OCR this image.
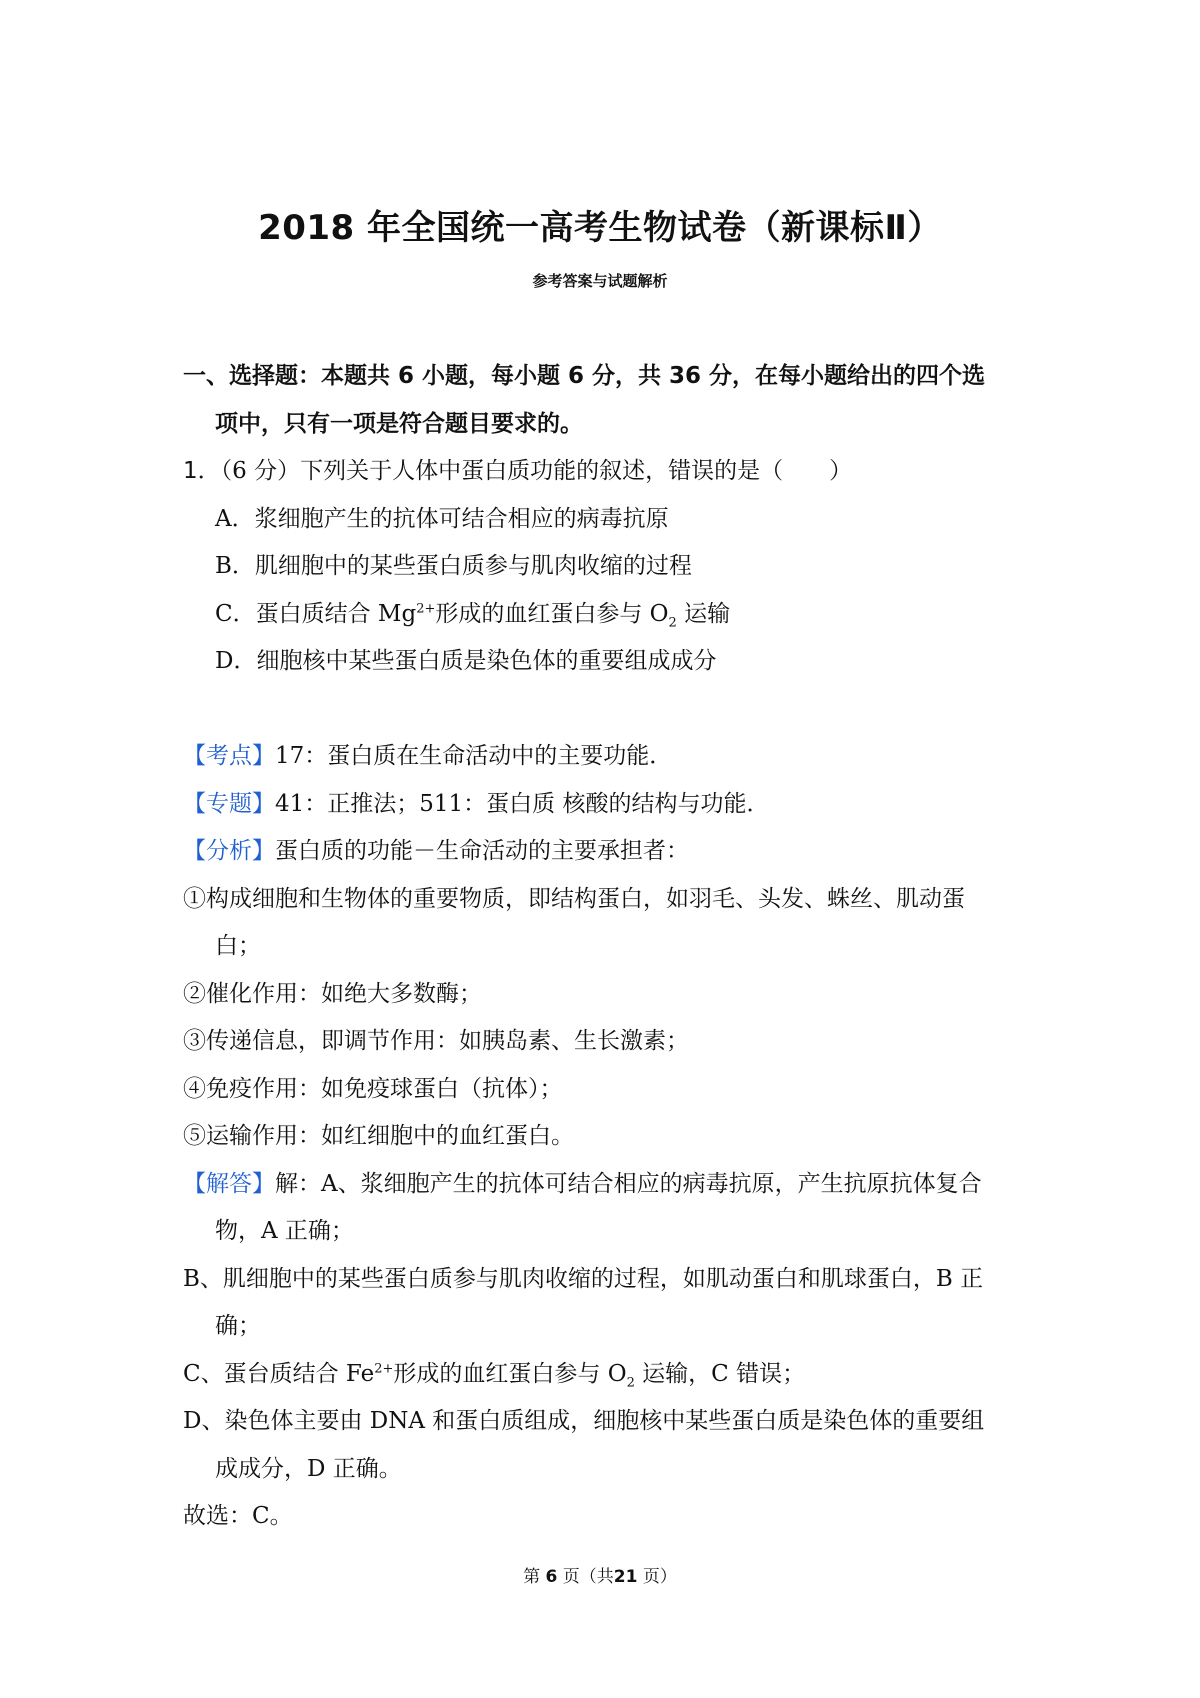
2018 年全国统一高考生物试卷（新课标Ⅱ）
参考答案与试题解析
一、选择题：本题共 6 小题，每小题 6 分，共 36 分，在每小题给出的四个选
项中，只有一项是符合题目要求的。
1．（6 分）下列关于人体中蛋白质功能的叙述，错误的是（　　）
A．浆细胞产生的抗体可结合相应的病毒抗原
B．肌细胞中的某些蛋白质参与肌肉收缩的过程
C．蛋白质结合 $Mg^{2+}$形成的血红蛋白参与 $O_2$ 运输
D．细胞核中某些蛋白质是染色体的重要组成成分
【考点】17：蛋白质在生命活动中的主要功能．
【专题】41：正推法；511：蛋白质 核酸的结构与功能．
【分析】蛋白质的功能－生命活动的主要承担者：
①构成细胞和生物体的重要物质，即结构蛋白，如羽毛、头发、蛛丝、肌动蛋
白；
②催化作用：如绝大多数酶；
③传递信息，即调节作用：如胰岛素、生长激素；
④免疫作用：如免疫球蛋白（抗体）；
⑤运输作用：如红细胞中的血红蛋白。
【解答】解：A、浆细胞产生的抗体可结合相应的病毒抗原，产生抗原抗体复合
物，A 正确；
B、肌细胞中的某些蛋白质参与肌肉收缩的过程，如肌动蛋白和肌球蛋白，B 正
确；
C、蛋台质结合 $Fe^{2+}$形成的血红蛋白参与 $O_2$ 运输，C 错误；
D、染色体主要由 DNA 和蛋白质组成，细胞核中某些蛋白质是染色体的重要组
成成分，D 正确。
故选：C。
第 6 页（共21 页）
